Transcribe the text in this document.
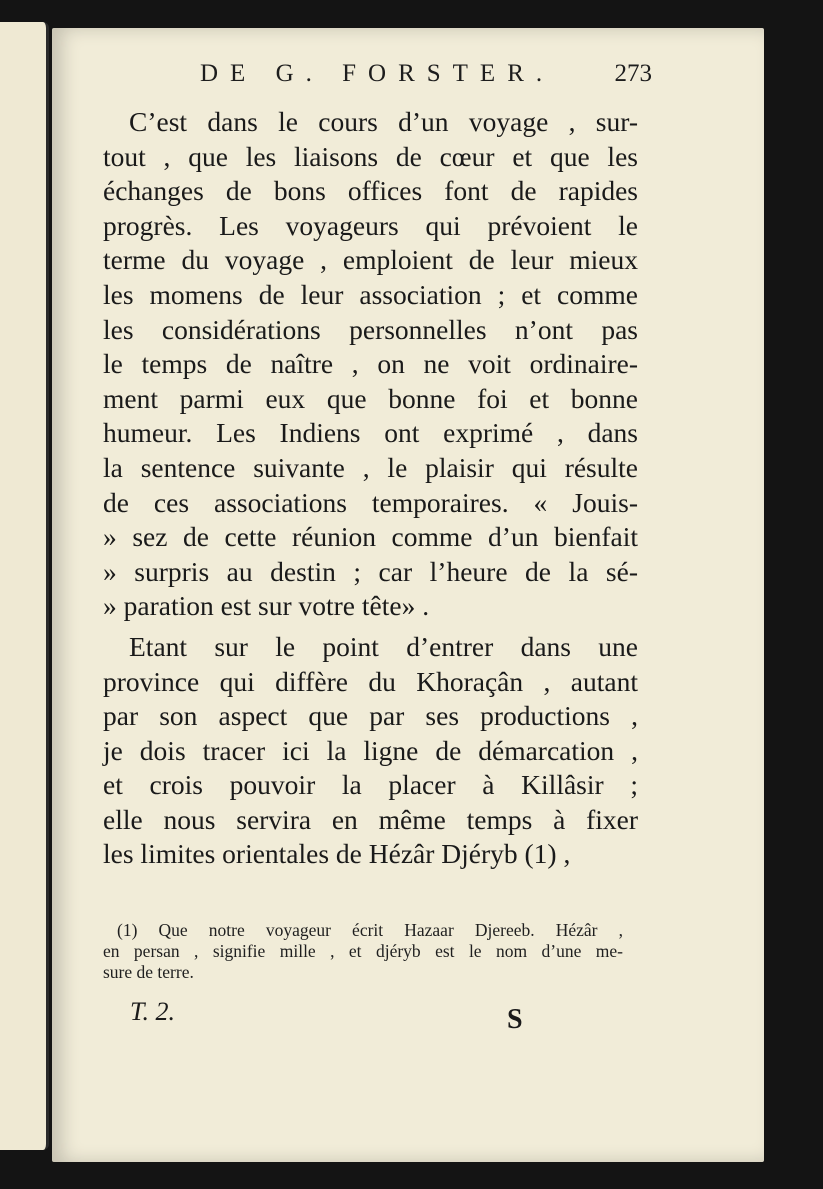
DE G. FORSTER. 273
C’est dans le cours d’un voyage , sur-
tout , que les liaisons de cœur et que les
échanges de bons offices font de rapides
progrès. Les voyageurs qui prévoient le
terme du voyage , emploient de leur mieux
les momens de leur association ; et comme
les considérations personnelles n’ont pas
le temps de naître , on ne voit ordinaire-
ment parmi eux que bonne foi et bonne
humeur. Les Indiens ont exprimé , dans
la sentence suivante , le plaisir qui résulte
de ces associations temporaires. « Jouis-
» sez de cette réunion comme d’un bienfait
» surpris au destin ; car l’heure de la sé-
» paration est sur votre tête» .
Etant sur le point d’entrer dans une
province qui diffère du Khoraçân , autant
par son aspect que par ses productions ,
je dois tracer ici la ligne de démarcation ,
et crois pouvoir la placer à Killâsir ;
elle nous servira en même temps à fixer
les limites orientales de Hézâr Djéryb (1) ,
(1) Que notre voyageur écrit Hazaar Djereeb. Hézâr ,
en persan , signifie mille , et djéryb est le nom d’une me-
sure de terre.
T. 2.	S
